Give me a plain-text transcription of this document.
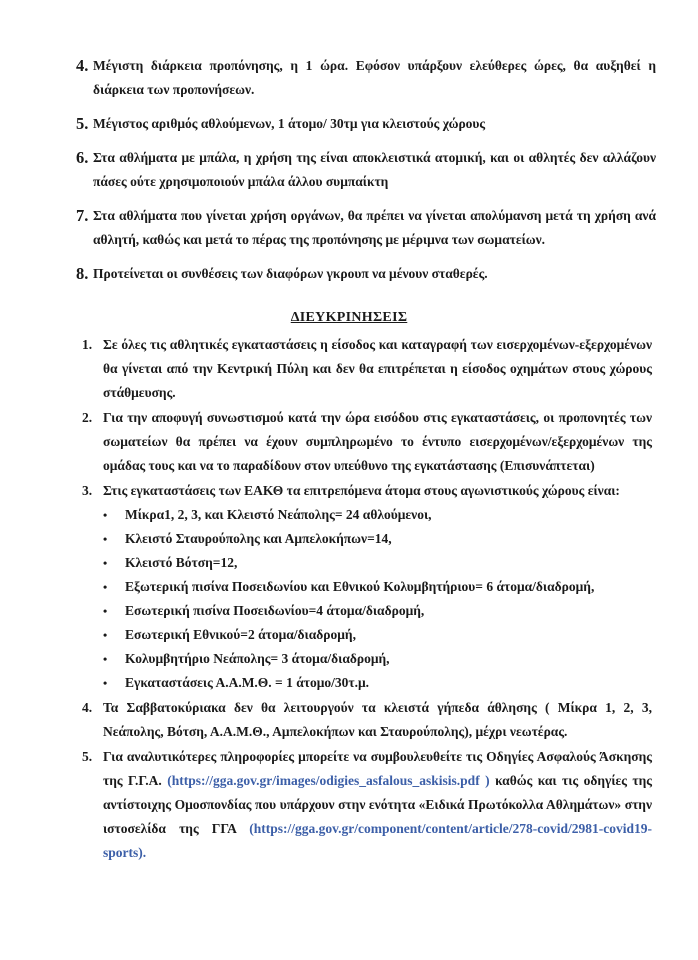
4. Μέγιστη διάρκεια προπόνησης, η 1 ώρα. Εφόσον υπάρξουν ελεύθερες ώρες, θα αυξηθεί η διάρκεια των προπονήσεων.
5. Μέγιστος αριθμός αθλούμενων, 1 άτομο/ 30τμ για κλειστούς χώρους
6. Στα αθλήματα με μπάλα, η χρήση της είναι αποκλειστικά ατομική, και οι αθλητές δεν αλλάζουν πάσες ούτε χρησιμοποιούν μπάλα άλλου συμπαίκτη
7. Στα αθλήματα που γίνεται χρήση οργάνων, θα πρέπει να γίνεται απολύμανση μετά τη χρήση ανά αθλητή, καθώς και μετά το πέρας της προπόνησης με μέριμνα των σωματείων.
8. Προτείνεται οι συνθέσεις των διαφόρων γκρουπ να μένουν σταθερές.
ΔΙΕΥΚΡΙΝΗΣΕΙΣ
1. Σε όλες τις αθλητικές εγκαταστάσεις η είσοδος και καταγραφή των εισερχομένων-εξερχομένων θα γίνεται από την Κεντρική Πύλη και δεν θα επιτρέπεται η είσοδος οχημάτων στους χώρους στάθμευσης.
2. Για την αποφυγή συνωστισμού κατά την ώρα εισόδου στις εγκαταστάσεις, οι προπονητές των σωματείων θα πρέπει να έχουν συμπληρωμένο το έντυπο εισερχομένων/εξερχομένων της ομάδας τους και να το παραδίδουν στον υπεύθυνο της εγκατάστασης (Επισυνάπτεται)
3. Στις εγκαταστάσεις των ΕΑΚΘ τα επιτρεπόμενα άτομα στους αγωνιστικούς χώρους είναι:
•	Μίκρα1, 2, 3, και Κλειστό Νεάπολης= 24 αθλούμενοι,
•	Κλειστό Σταυρούπολης και Αμπελοκήπων=14,
•	Κλειστό Βότση=12,
•	Εξωτερική πισίνα Ποσειδωνίου και Εθνικού Κολυμβητήριου= 6 άτομα/διαδρομή,
•	Εσωτερική πισίνα Ποσειδωνίου=4 άτομα/διαδρομή,
•	Εσωτερική Εθνικού=2 άτομα/διαδρομή,
•	Κολυμβητήριο Νεάπολης= 3 άτομα/διαδρομή,
•	Εγκαταστάσεις Α.Α.Μ.Θ. = 1 άτομο/30τ.μ.
4. Τα Σαββατοκύριακα δεν θα λειτουργούν τα κλειστά γήπεδα άθλησης ( Μίκρα 1, 2, 3, Νεάπολης, Βότση, Α.Α.Μ.Θ., Αμπελοκήπων και Σταυρούπολης), μέχρι νεωτέρας.
5. Για αναλυτικότερες πληροφορίες μπορείτε να συμβουλευθείτε τις Οδηγίες Ασφαλούς Άσκησης της Γ.Γ.Α. (https://gga.gov.gr/images/odigies_asfalous_askisis.pdf ) καθώς και τις οδηγίες της αντίστοιχης Ομοσπονδίας που υπάρχουν στην ενότητα «Ειδικά Πρωτόκολλα Αθλημάτων» στην ιστοσελίδα της ΓΓΑ (https://gga.gov.gr/component/content/article/278-covid/2981-covid19-sports).
